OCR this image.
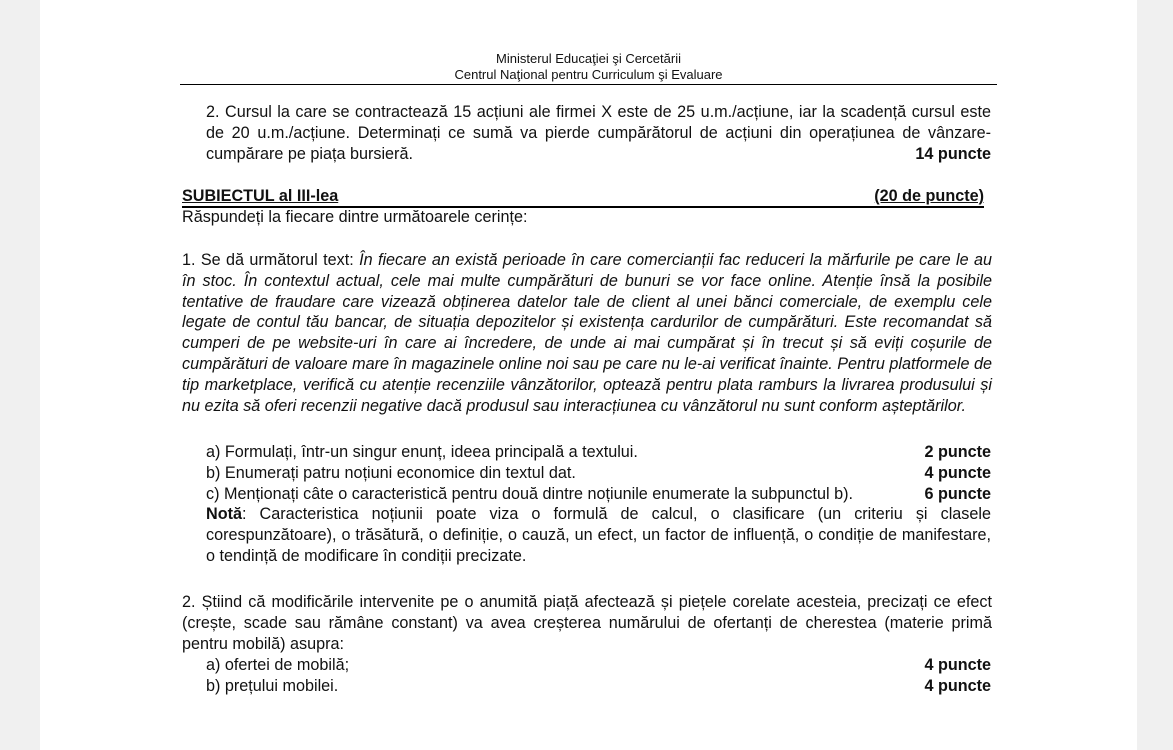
Ministerul Educaţiei şi Cercetării
Centrul Naţional pentru Curriculum şi Evaluare
2. Cursul la care se contractează 15 acțiuni ale firmei X este de 25 u.m./acțiune, iar la scadență cursul este de 20 u.m./acțiune. Determinați ce sumă va pierde cumpărătorul de acțiuni din operațiunea de vânzare-cumpărare pe piața bursieră.	14 puncte
SUBIECTUL al III-lea	(20 de puncte)
Răspundeți la fiecare dintre următoarele cerințe:
1. Se dă următorul text: În fiecare an există perioade în care comercianții fac reduceri la mărfurile pe care le au în stoc. În contextul actual, cele mai multe cumpărături de bunuri se vor face online. Atenție însă la posibile tentative de fraudare care vizează obținerea datelor tale de client al unei bănci comerciale, de exemplu cele legate de contul tău bancar, de situația depozitelor și existența cardurilor de cumpărături. Este recomandat să cumperi de pe website-uri în care ai încredere, de unde ai mai cumpărat și în trecut și să eviți coșurile de cumpărături de valoare mare în magazinele online noi sau pe care nu le-ai verificat înainte. Pentru platformele de tip marketplace, verifică cu atenție recenziile vânzătorilor, optează pentru plata ramburs la livrarea produsului și nu ezita să oferi recenzii negative dacă produsul sau interacțiunea cu vânzătorul nu sunt conform așteptărilor.
a) Formulați, într-un singur enunț, ideea principală a textului.	2 puncte
b) Enumerați patru noțiuni economice din textul dat.	4 puncte
c) Menționați câte o caracteristică pentru două dintre noțiunile enumerate la subpunctul b).	6 puncte
Notă: Caracteristica noțiunii poate viza o formulă de calcul, o clasificare (un criteriu și clasele corespunzătoare), o trăsătură, o definiție, o cauză, un efect, un factor de influență, o condiție de manifestare, o tendință de modificare în condiții precizate.
2. Știind că modificările intervenite pe o anumită piață afectează și piețele corelate acesteia, precizați ce efect (crește, scade sau rămâne constant) va avea creșterea numărului de ofertanți de cherestea (materie primă pentru mobilă) asupra:
a) ofertei de mobilă;	4 puncte
b) prețului mobilei.	4 puncte
